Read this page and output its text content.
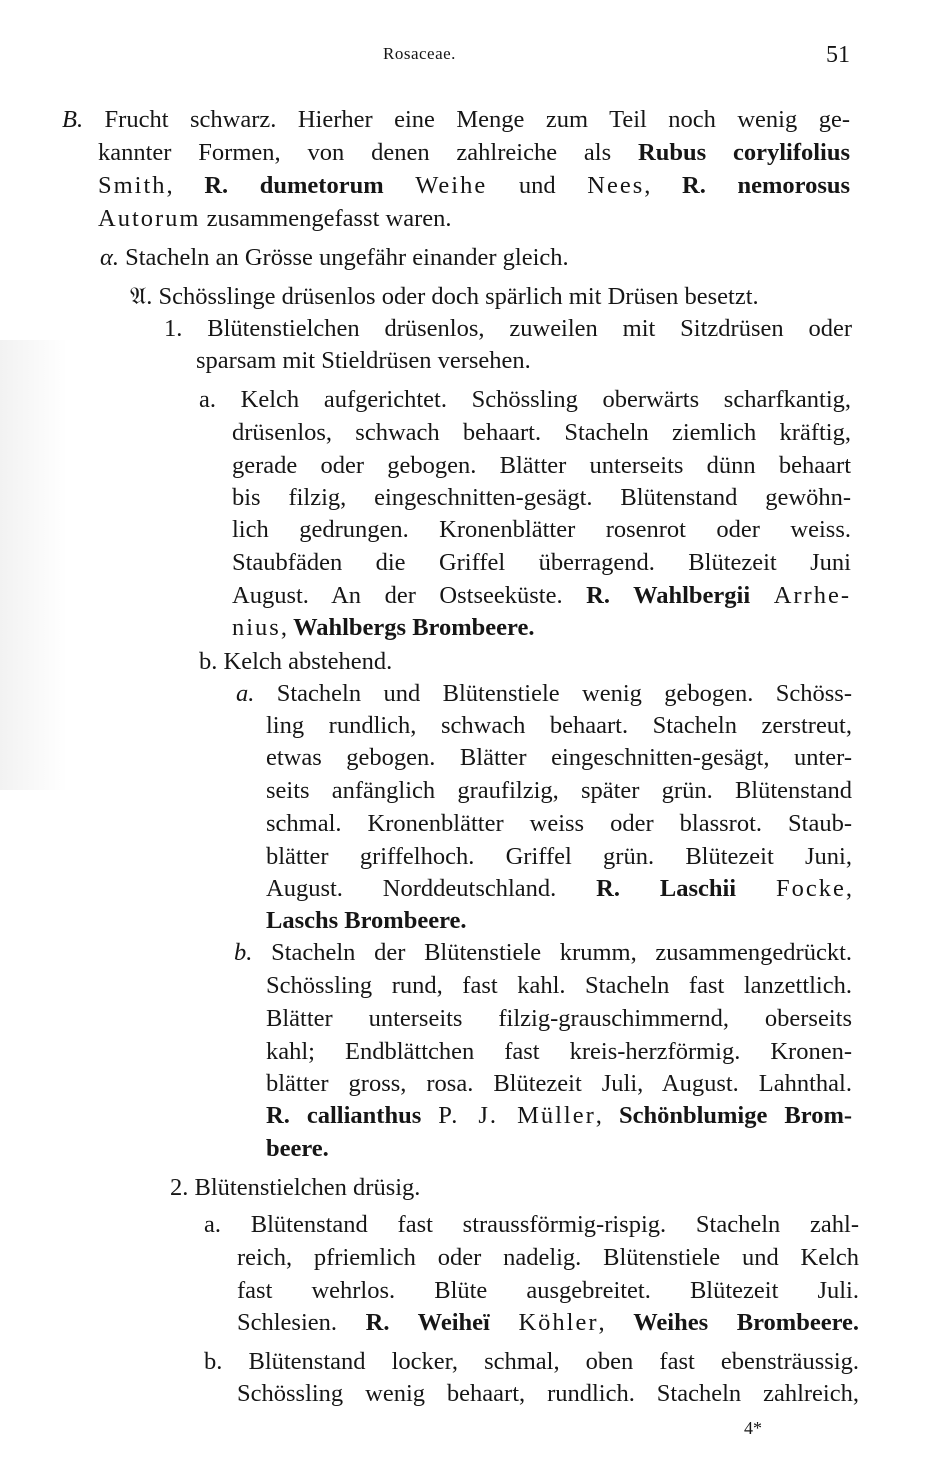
Rosaceae.	51

B. Frucht schwarz. Hierher eine Menge zum Teil noch wenig ge-

kannter Formen, von denen zahlreiche als Rubus corylifolius

Smith, R. dumetorum Weihe und Nees, R. nemorosus

Autorum zusammengefasst waren.

α. Stacheln an Grösse ungefähr einander gleich.

𝔄. Schösslinge drüsenlos oder doch spärlich mit Drüsen besetzt.

1. Blütenstielchen drüsenlos, zuweilen mit Sitzdrüsen oder

sparsam mit Stieldrüsen versehen.

a. Kelch aufgerichtet. Schössling oberwärts scharfkantig,

drüsenlos, schwach behaart. Stacheln ziemlich kräftig,

gerade oder gebogen. Blätter unterseits dünn behaart

bis filzig, eingeschnitten-gesägt. Blütenstand gewöhn-

lich gedrungen. Kronenblätter rosenrot oder weiss.

Staubfäden die Griffel überragend. Blütezeit Juni

August. An der Ostseeküste. R. Wahlbergii Arrhe-

nius, Wahlbergs Brombeere.

b. Kelch abstehend.

a. Stacheln und Blütenstiele wenig gebogen. Schöss-

ling rundlich, schwach behaart. Stacheln zerstreut,

etwas gebogen. Blätter eingeschnitten-gesägt, unter-

seits anfänglich graufilzig, später grün. Blütenstand

schmal. Kronenblätter weiss oder blassrot. Staub-

blätter griffelhoch. Griffel grün. Blütezeit Juni,

August. Norddeutschland. R. Laschii Focke,

Laschs Brombeere.

b. Stacheln der Blütenstiele krumm, zusammengedrückt.

Schössling rund, fast kahl. Stacheln fast lanzettlich.

Blätter unterseits filzig-grauschimmernd, oberseits

kahl; Endblättchen fast kreis-herzförmig. Kronen-

blätter gross, rosa. Blütezeit Juli, August. Lahnthal.

R. callianthus P. J. Müller, Schönblumige Brom-

beere.

2. Blütenstielchen drüsig.

a. Blütenstand fast straussförmig-rispig. Stacheln zahl-

reich, pfriemlich oder nadelig. Blütenstiele und Kelch

fast wehrlos. Blüte ausgebreitet. Blütezeit Juli.

Schlesien. R. Weiheï Köhler, Weihes Brombeere.

b. Blütenstand locker, schmal, oben fast ebensträussig.

Schössling wenig behaart, rundlich. Stacheln zahlreich,

4*
